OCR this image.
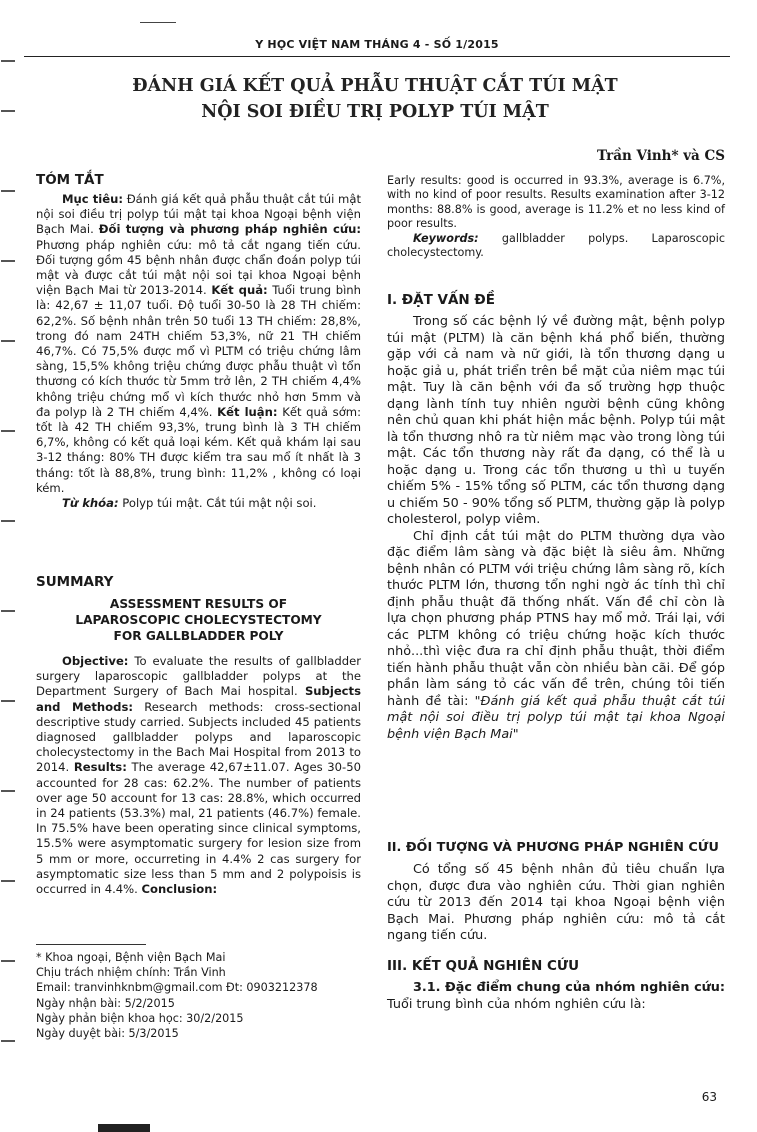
Y HỌC VIỆT NAM THÁNG 4 - SỐ 1/2015
ĐÁNH GIÁ KẾT QUẢ PHẪU THUẬT CẮT TÚI MẬT
NỘI SOI ĐIỀU TRỊ POLYP TÚI MẬT
Trần Vinh* và CS
TÓM TẮT

Mục tiêu: Đánh giá kết quả phẫu thuật cắt túi mật nội soi điều trị polyp túi mật tại khoa Ngoại bệnh viện Bạch Mai. Đối tượng và phương pháp nghiên cứu: Phương pháp nghiên cứu: mô tả cắt ngang tiến cứu. Đối tượng gồm 45 bệnh nhân được chẩn đoán polyp túi mật và được cắt túi mật nội soi tại khoa Ngoại bệnh viện Bạch Mai từ 2013-2014. Kết quả: Tuổi trung bình là: 42,67 ± 11,07 tuổi. Độ tuổi 30-50 là 28 TH chiếm: 62,2%. Số bệnh nhân trên 50 tuổi 13 TH chiếm: 28,8%, trong đó nam 24TH chiếm 53,3%, nữ 21 TH chiếm 46,7%. Có 75,5% được mổ vì PLTM có triệu chứng lâm sàng, 15,5% không triệu chứng được phẫu thuật vì tổn thương có kích thước từ 5mm trở lên, 2 TH chiếm 4,4% không triệu chứng mổ vì kích thước nhỏ hơn 5mm và đa polyp là 2 TH chiếm 4,4%. Kết luận: Kết quả sớm: tốt là 42 TH chiếm 93,3%, trung bình là 3 TH chiếm 6,7%, không có kết quả loại kém. Kết quả khám lại sau 3-12 tháng: 80% TH được kiểm tra sau mổ ít nhất là 3 tháng: tốt là 88,8%, trung bình: 11,2% , không có loại kém.

Từ khóa: Polyp túi mật. Cắt túi mật nội soi.

SUMMARY
ASSESSMENT RESULTS OF
LAPAROSCOPIC CHOLECYSTECTOMY
FOR GALLBLADDER POLY

Objective: To evaluate the results of gallbladder surgery laparoscopic gallbladder polyps at the Department Surgery of Bach Mai hospital. Subjects and Methods: Research methods: cross-sectional descriptive study carried. Subjects included 45 patients diagnosed gallbladder polyps and laparoscopic cholecystectomy in the Bach Mai Hospital from 2013 to 2014. Results: The average 42,67±11.07. Ages 30-50 accounted for 28 cas: 62.2%. The number of patients over age 50 account for 13 cas: 28.8%, which occurred in 24 patients (53.3%) mal, 21 patients (46.7%) female. In 75.5% have been operating since clinical symptoms, 15.5% were asymptomatic surgery for lesion size from 5 mm or more, occurreting in 4.4% 2 cas surgery for asymptomatic size less than 5 mm and 2 polypoisis is occurred in 4.4%. Conclusion:

* Khoa ngoại, Bệnh viện Bạch Mai
Chịu trách nhiệm chính: Trần Vinh
Email: tranvinhknbm@gmail.com Đt: 0903212378
Ngày nhận bài: 5/2/2015
Ngày phản biện khoa học: 30/2/2015
Ngày duyệt bài: 5/3/2015

Early results: good is occurred in 93.3%, average is 6.7%, with no kind of poor results. Results examination after 3-12 months: 88.8% is good, average is 11.2% et no less kind of poor results.

Keywords: gallbladder polyps. Laparoscopic cholecystectomy.

I. ĐẶT VẤN ĐỀ

Trong số các bệnh lý về đường mật, bệnh polyp túi mật (PLTM) là căn bệnh khá phổ biến, thường gặp với cả nam và nữ giới, là tổn thương dạng u hoặc giả u, phát triển trên bề mặt của niêm mạc túi mật. Tuy là căn bệnh với đa số trường hợp thuộc dạng lành tính tuy nhiên người bệnh cũng không nên chủ quan khi phát hiện mắc bệnh. Polyp túi mật là tổn thương nhô ra từ niêm mạc vào trong lòng túi mật. Các tổn thương này rất đa dạng, có thể là u hoặc dạng u. Trong các tổn thương u thì u tuyến chiếm 5% - 15% tổng số PLTM, các tổn thương dạng u chiếm 50 - 90% tổng số PLTM, thường gặp là polyp cholesterol, polyp viêm.

Chỉ định cắt túi mật do PLTM thường dựa vào đặc điểm lâm sàng và đặc biệt là siêu âm. Những bệnh nhân có PLTM với triệu chứng lâm sàng rõ, kích thước PLTM lớn, thương tổn nghi ngờ ác tính thì chỉ định phẫu thuật đã thống nhất. Vấn đề chỉ còn là lựa chọn phương pháp PTNS hay mổ mở. Trái lại, với các PLTM không có triệu chứng hoặc kích thước nhỏ...thì việc đưa ra chỉ định phẫu thuật, thời điểm tiến hành phẫu thuật vẫn còn nhiều bàn cãi. Để góp phần làm sáng tỏ các vấn đề trên, chúng tôi tiến hành đề tài: "Đánh giá kết quả phẫu thuật cắt túi mật nội soi điều trị polyp túi mật tại khoa Ngoại bệnh viện Bạch Mai"

II. ĐỐI TƯỢNG VÀ PHƯƠNG PHÁP NGHIÊN CỨU

Có tổng số 45 bệnh nhân đủ tiêu chuẩn lựa chọn, được đưa vào nghiên cứu. Thời gian nghiên cứu từ 2013 đến 2014 tại khoa Ngoại bệnh viện Bạch Mai. Phương pháp nghiên cứu: mô tả cắt ngang tiến cứu.

III. KẾT QUẢ NGHIÊN CỨU

3.1. Đặc điểm chung của nhóm nghiên cứu: Tuổi trung bình của nhóm nghiên cứu là:

63
